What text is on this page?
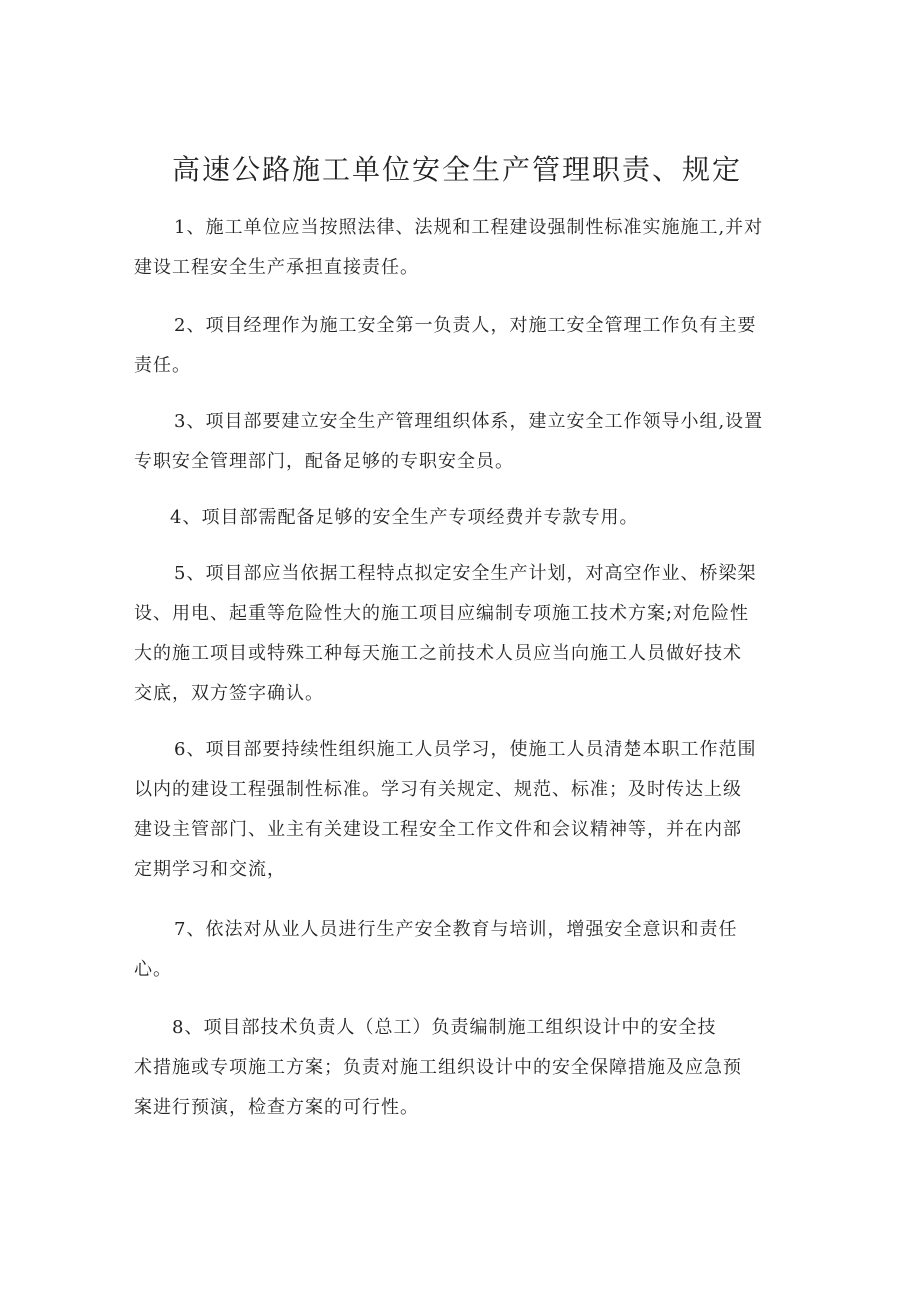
高速公路施工单位安全生产管理职责、规定
1、施工单位应当按照法律、法规和工程建设强制性标准实施施工,并对
建设工程安全生产承担直接责任。
2、项目经理作为施工安全第一负责人，对施工安全管理工作负有主要
责任。
3、项目部要建立安全生产管理组织体系，建立安全工作领导小组,设置
专职安全管理部门，配备足够的专职安全员。
4、项目部需配备足够的安全生产专项经费并专款专用。
5、项目部应当依据工程特点拟定安全生产计划，对高空作业、桥梁架
设、用电、起重等危险性大的施工项目应编制专项施工技术方案;对危险性
大的施工项目或特殊工种每天施工之前技术人员应当向施工人员做好技术
交底，双方签字确认。
6、项目部要持续性组织施工人员学习，使施工人员清楚本职工作范围
以内的建设工程强制性标准。学习有关规定、规范、标准；及时传达上级
建设主管部门、业主有关建设工程安全工作文件和会议精神等，并在内部
定期学习和交流，
7、依法对从业人员进行生产安全教育与培训，增强安全意识和责任
心。
8、项目部技术负责人（总工）负责编制施工组织设计中的安全技
术措施或专项施工方案；负责对施工组织设计中的安全保障措施及应急预
案进行预演，检查方案的可行性。
